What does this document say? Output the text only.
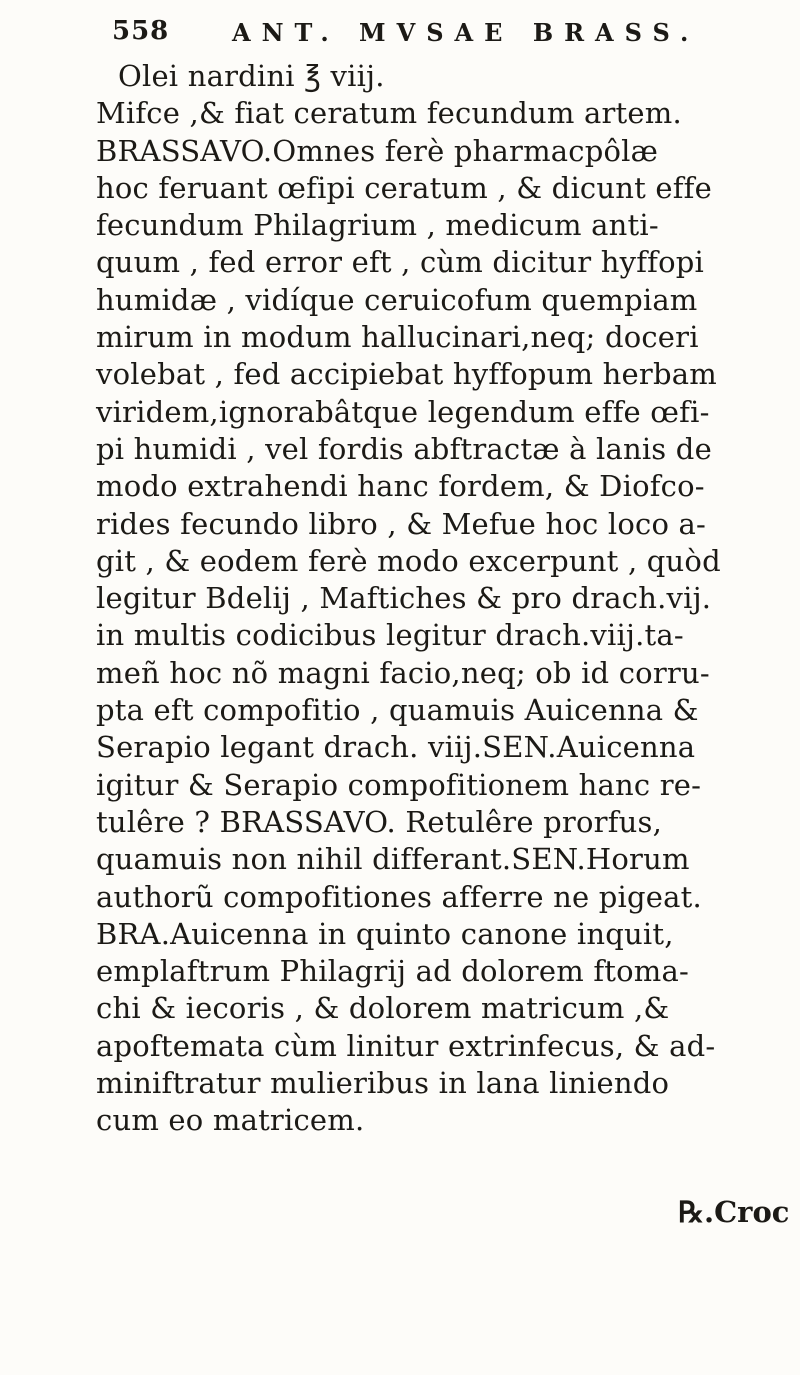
558	ANT. MVSAE BRASS.
Olei nardini ℥ viij.
Mifce ,& fiat ceratum fecundum artem.
BRASSAVO.Omnes ferè pharmacpôlæ
hoc feruant œfipi ceratum , & dicunt effe
fecundum Philagrium , medicum anti-
quum , fed error eft , cùm dicitur hyffopi
humidæ , vidíque ceruicofum quempiam
mirum in modum hallucinari,neq; doceri
volebat , fed accipiebat hyffopum herbam
viridem,ignorabâtque legendum effe œfi-
pi humidi , vel fordis abftractæ à lanis de
modo extrahendi hanc fordem, & Diofco-
rides fecundo libro , & Mefue hoc loco a-
git , & eodem ferè modo excerpunt , quòd
legitur Bdelij , Maftiches & pro drach.vij.
in multis codicibus legitur drach.viij.ta-
meñ hoc nõ magni facio,neq; ob id corru-
pta eft compofitio , quamuis Auicenna &
Serapio legant drach. viij.SEN.Auicenna
igitur & Serapio compofitionem hanc re-
tulêre ? BRASSAVO. Retulêre prorfus,
quamuis non nihil differant.SEN.Horum
authorũ compofitiones afferre ne pigeat.
BRA.Auicenna in quinto canone inquit,
emplaftrum Philagrij ad dolorem ftoma-
chi & iecoris , & dolorem matricum ,&
apoftemata cùm linitur extrinfecus, & ad-
miniftratur mulieribus in lana liniendo
cum eo matricem.
℞.Croc
